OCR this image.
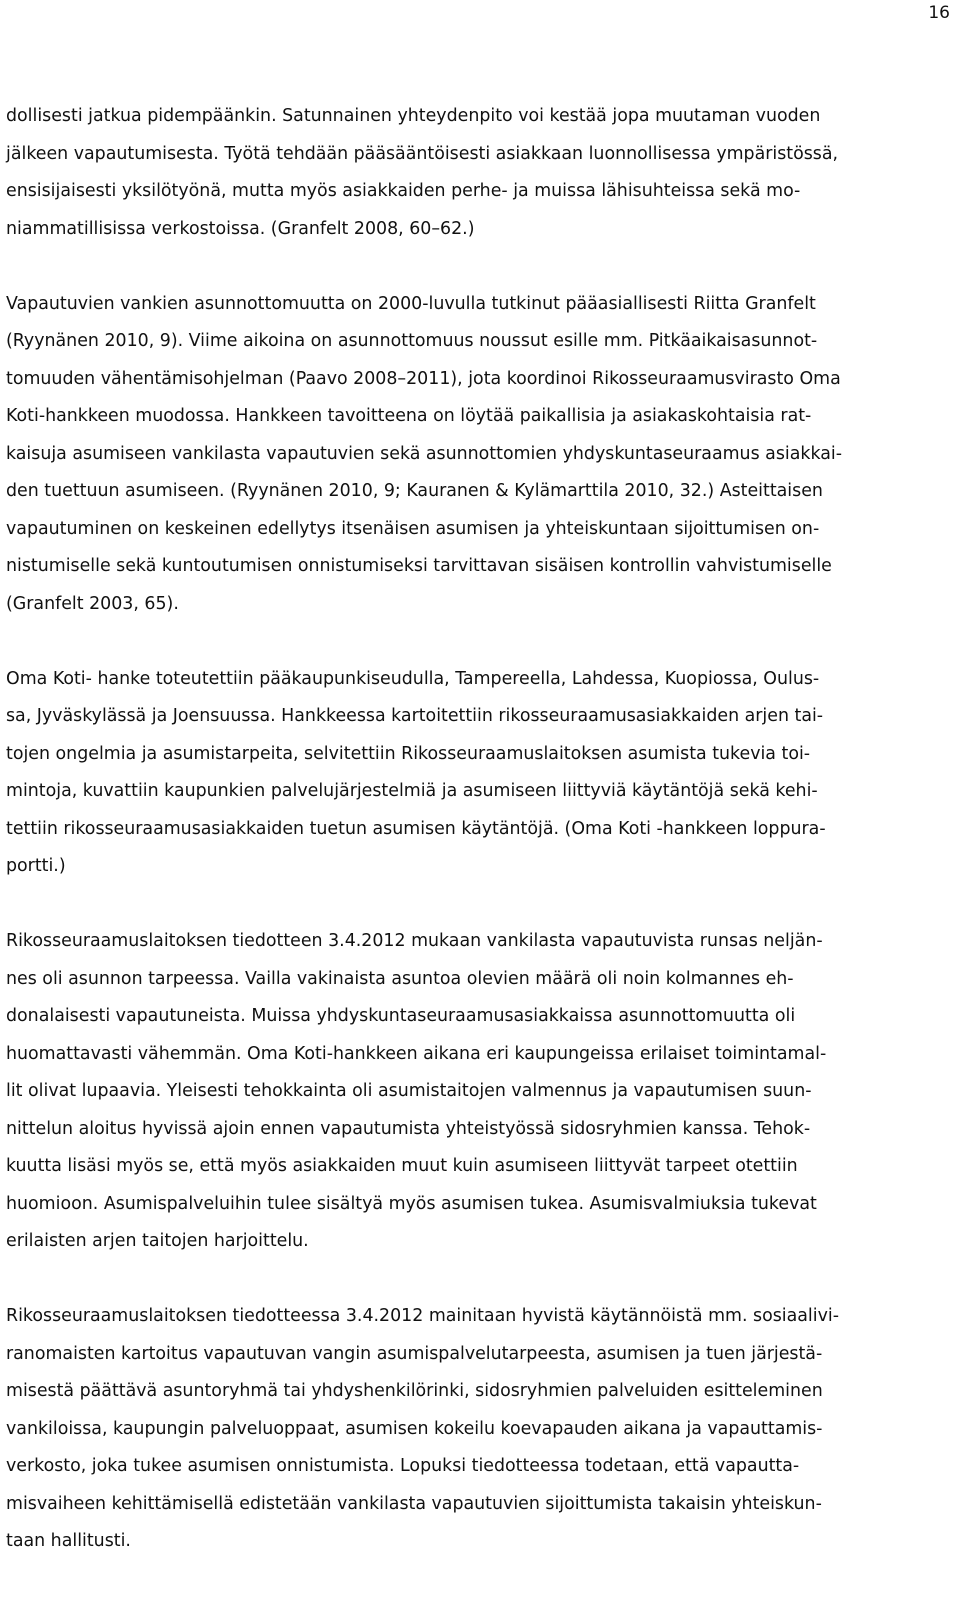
16
dollisesti jatkua pidempäänkin. Satunnainen yhteydenpito voi kestää jopa muutaman vuoden
jälkeen vapautumisesta. Työtä tehdään pääsääntöisesti asiakkaan luonnollisessa ympäristössä,
ensisijaisesti yksilötyönä, mutta myös asiakkaiden perhe- ja muissa lähisuhteissa sekä mo-
niammatillisissa verkostoissa. (Granfelt 2008, 60–62.)
Vapautuvien vankien asunnottomuutta on 2000-luvulla tutkinut pääasiallisesti Riitta Granfelt
(Ryynänen 2010, 9). Viime aikoina on asunnottomuus noussut esille mm. Pitkäaikaisasunnot-
tomuuden vähentämisohjelman (Paavo 2008–2011), jota koordinoi Rikosseuraamusvirasto Oma
Koti-hankkeen muodossa. Hankkeen tavoitteena on löytää paikallisia ja asiakaskohtaisia rat-
kaisuja asumiseen vankilasta vapautuvien sekä asunnottomien yhdyskuntaseuraamus asiakkai-
den tuettuun asumiseen. (Ryynänen 2010, 9; Kauranen & Kylämarttila 2010, 32.) Asteittaisen
vapautuminen on keskeinen edellytys itsenäisen asumisen ja yhteiskuntaan sijoittumisen on-
nistumiselle sekä kuntoutumisen onnistumiseksi tarvittavan sisäisen kontrollin vahvistumiselle
(Granfelt 2003, 65).
Oma Koti- hanke toteutettiin pääkaupunkiseudulla, Tampereella, Lahdessa, Kuopiossa, Oulus-
sa, Jyväskylässä ja Joensuussa. Hankkeessa kartoitettiin rikosseuraamusasiakkaiden arjen tai-
tojen ongelmia ja asumistarpeita, selvitettiin Rikosseuraamuslaitoksen asumista tukevia toi-
mintoja, kuvattiin kaupunkien palvelujärjestelmiä ja asumiseen liittyviä käytäntöjä sekä kehi-
tettiin rikosseuraamusasiakkaiden tuetun asumisen käytäntöjä. (Oma Koti -hankkeen loppura-
portti.)
Rikosseuraamuslaitoksen tiedotteen 3.4.2012 mukaan vankilasta vapautuvista runsas neljän-
nes oli asunnon tarpeessa. Vailla vakinaista asuntoa olevien määrä oli noin kolmannes eh-
donalaisesti vapautuneista. Muissa yhdyskuntaseuraamusasiakkaissa asunnottomuutta oli
huomattavasti vähemmän. Oma Koti-hankkeen aikana eri kaupungeissa erilaiset toimintamal-
lit olivat lupaavia. Yleisesti tehokkainta oli asumistaitojen valmennus ja vapautumisen suun-
nittelun aloitus hyvissä ajoin ennen vapautumista yhteistyössä sidosryhmien kanssa. Tehok-
kuutta lisäsi myös se, että myös asiakkaiden muut kuin asumiseen liittyvät tarpeet otettiin
huomioon. Asumispalveluihin tulee sisältyä myös asumisen tukea. Asumisvalmiuksia tukevat
erilaisten arjen taitojen harjoittelu.
Rikosseuraamuslaitoksen tiedotteessa 3.4.2012 mainitaan hyvistä käytännöistä mm. sosiaalivi-
ranomaisten kartoitus vapautuvan vangin asumispalvelutarpeesta, asumisen ja tuen järjestä-
misestä päättävä asuntoryhmä tai yhdyshenkilörinki, sidosryhmien palveluiden esitteleminen
vankiloissa, kaupungin palveluoppaat, asumisen kokeilu koevapauden aikana ja vapauttamis-
verkosto, joka tukee asumisen onnistumista. Lopuksi tiedotteessa todetaan, että vapautta-
misvaiheen kehittämisellä edistetään vankilasta vapautuvien sijoittumista takaisin yhteiskun-
taan hallitusti.
